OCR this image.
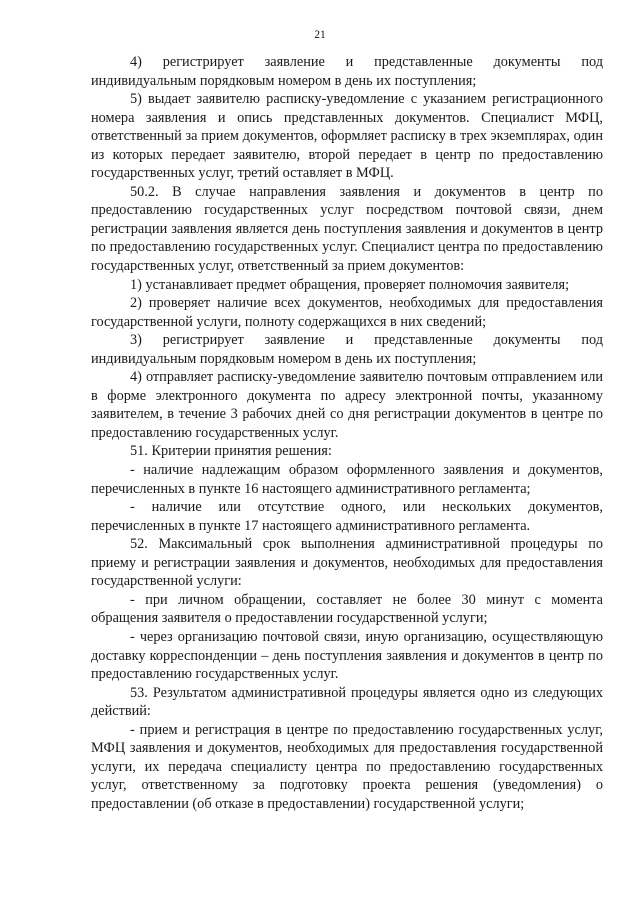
21

4) регистрирует заявление и представленные документы под индивидуальным порядковым номером в день их поступления;

5) выдает заявителю расписку-уведомление с указанием регистрационного номера заявления и опись представленных документов. Специалист МФЦ, ответственный за прием документов, оформляет расписку в трех экземплярах, один из которых передает заявителю, второй передает в центр по предоставлению государственных услуг, третий оставляет в МФЦ.

50.2. В случае направления заявления и документов в центр по предоставлению государственных услуг посредством почтовой связи, днем регистрации заявления является день поступления заявления и документов в центр по предоставлению государственных услуг. Специалист центра по предоставлению государственных услуг, ответственный за прием документов:

1) устанавливает предмет обращения, проверяет полномочия заявителя;

2) проверяет наличие всех документов, необходимых для предоставления государственной услуги, полноту содержащихся в них сведений;

3) регистрирует заявление и представленные документы под индивидуальным порядковым номером в день их поступления;

4) отправляет расписку-уведомление заявителю почтовым отправлением или в форме электронного документа по адресу электронной почты, указанному заявителем, в течение 3 рабочих дней со дня регистрации документов в центре по предоставлению государственных услуг.

51. Критерии принятия решения:

- наличие надлежащим образом оформленного заявления и документов, перечисленных в пункте 16 настоящего административного регламента;

- наличие или отсутствие одного, или нескольких документов, перечисленных в пункте 17 настоящего административного регламента.

52. Максимальный срок выполнения административной процедуры по приему и регистрации заявления и документов, необходимых для предоставления государственной услуги:

- при личном обращении, составляет не более 30 минут с момента обращения заявителя о предоставлении государственной услуги;

- через организацию почтовой связи, иную организацию, осуществляющую доставку корреспонденции – день поступления заявления и документов в центр по предоставлению государственных услуг.

53. Результатом административной процедуры является одно из следующих действий:

- прием и регистрация в центре по предоставлению государственных услуг, МФЦ заявления и документов, необходимых для предоставления государственной услуги, их передача специалисту центра по предоставлению государственных услуг, ответственному за подготовку проекта решения (уведомления) о предоставлении (об отказе в предоставлении) государственной услуги;
